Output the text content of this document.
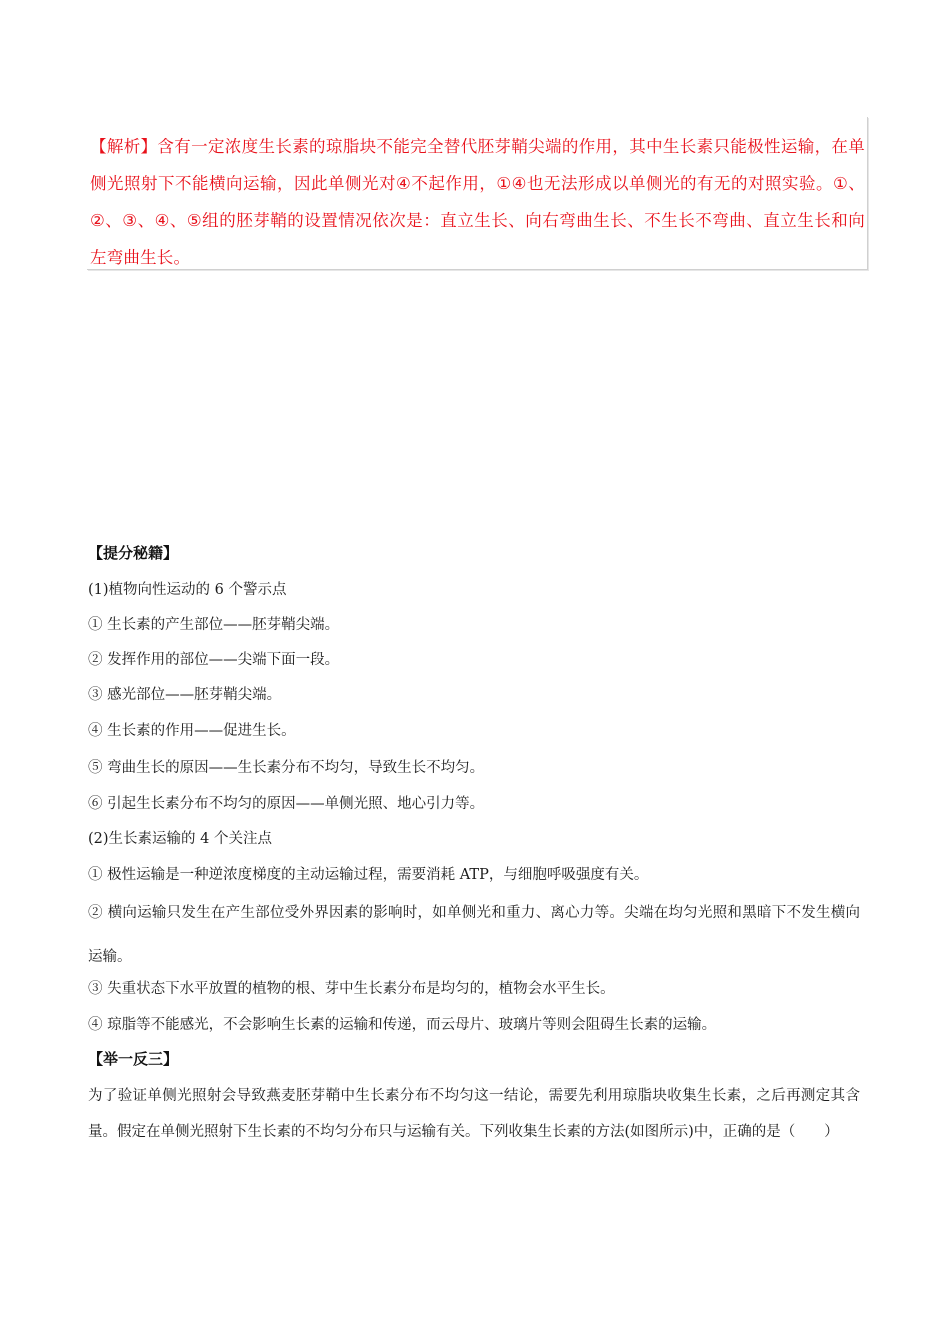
【解析】含有一定浓度生长素的琼脂块不能完全替代胚芽鞘尖端的作用，其中生长素只能极性运输，在单侧光照射下不能横向运输，因此单侧光对④不起作用，①④也无法形成以单侧光的有无的对照实验。①、②、③、④、⑤组的胚芽鞘的设置情况依次是：直立生长、向右弯曲生长、不生长不弯曲、直立生长和向左弯曲生长。
【提分秘籍】
(1)植物向性运动的 6 个警示点
① 生长素的产生部位——胚芽鞘尖端。
② 发挥作用的部位——尖端下面一段。
③ 感光部位——胚芽鞘尖端。
④ 生长素的作用——促进生长。
⑤ 弯曲生长的原因——生长素分布不均匀，导致生长不均匀。
⑥ 引起生长素分布不均匀的原因——单侧光照、地心引力等。
(2)生长素运输的 4 个关注点
① 极性运输是一种逆浓度梯度的主动运输过程，需要消耗 ATP，与细胞呼吸强度有关。
② 横向运输只发生在产生部位受外界因素的影响时，如单侧光和重力、离心力等。尖端在均匀光照和黑暗下不发生横向运输。
③ 失重状态下水平放置的植物的根、芽中生长素分布是均匀的，植物会水平生长。
④ 琼脂等不能感光，不会影响生长素的运输和传递，而云母片、玻璃片等则会阻碍生长素的运输。
【举一反三】
为了验证单侧光照射会导致燕麦胚芽鞘中生长素分布不均匀这一结论，需要先利用琼脂块收集生长素，之后再测定其含量。假定在单侧光照射下生长素的不均匀分布只与运输有关。下列收集生长素的方法(如图所示)中，正确的是（　　）
